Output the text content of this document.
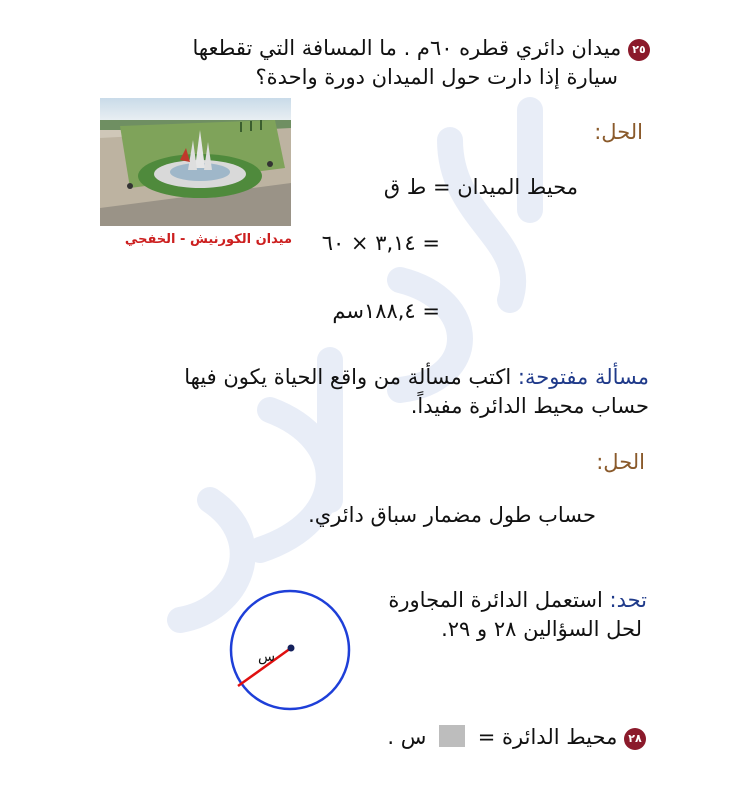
٢٥ ميدان دائري قطره ٦٠م . ما المسافة التي تقطعها
سيارة إذا دارت حول الميدان دورة واحدة؟
ميدان الكورنيش - الخفجي
الحل:
محيط الميدان = ط ق
= ٣,١٤ × ٦٠
= ١٨٨,٤سم
مسألة مفتوحة: اكتب مسألة من واقع الحياة يكون فيها
حساب محيط الدائرة مفيداً.
الحل:
حساب طول مضمار سباق دائري.
تحد: استعمل الدائرة المجاورة
لحل السؤالين ٢٨ و ٢٩.
س
٢٨ محيط الدائرة =  س .
